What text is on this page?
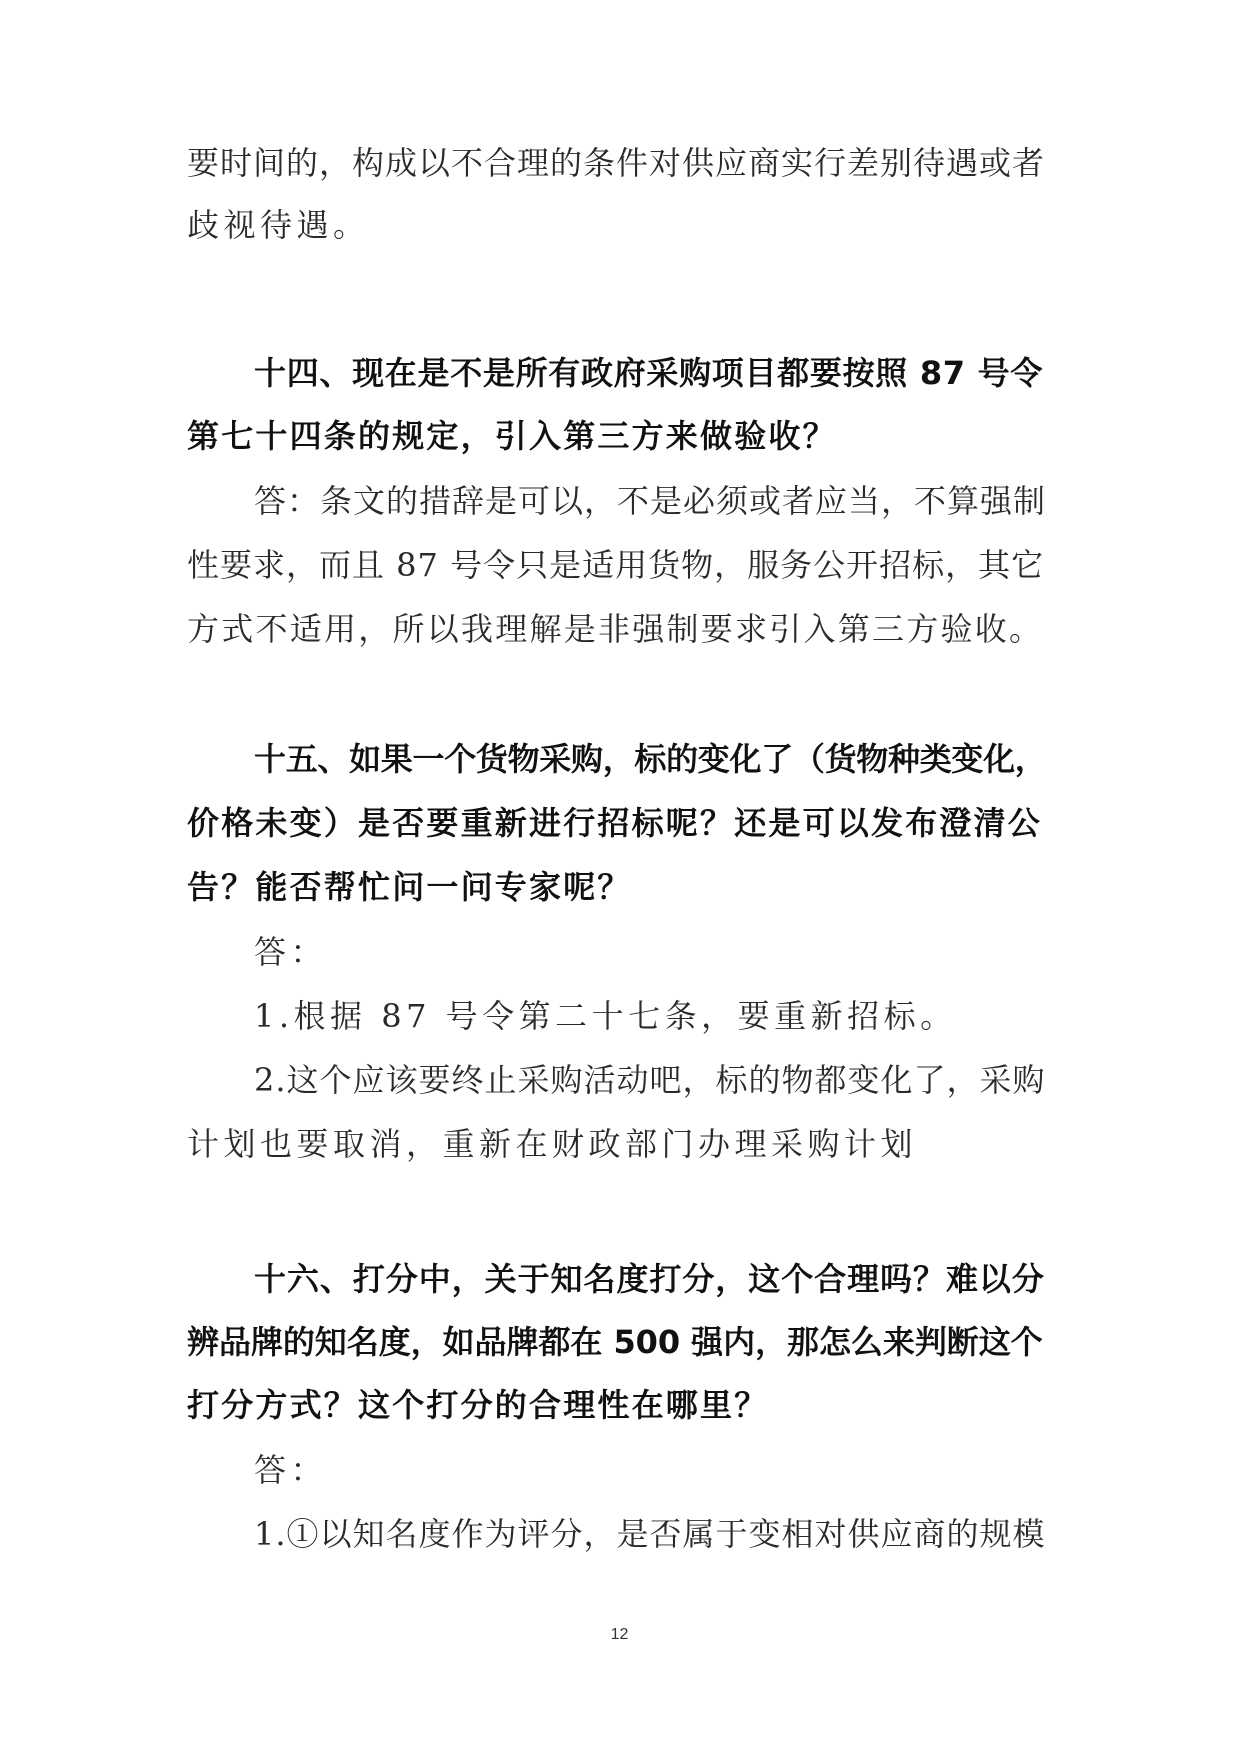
要时间的，构成以不合理的条件对供应商实行差别待遇或者
歧视待遇。
十四、现在是不是所有政府采购项目都要按照 87 号令
第七十四条的规定，引入第三方来做验收？
答：条文的措辞是可以，不是必须或者应当，不算强制
性要求，而且 87 号令只是适用货物，服务公开招标，其它
方式不适用，所以我理解是非强制要求引入第三方验收。
十五、如果一个货物采购，标的变化了（货物种类变化，
价格未变）是否要重新进行招标呢？还是可以发布澄清公
告？能否帮忙问一问专家呢？
答：
1.根据 87 号令第二十七条，要重新招标。
2.这个应该要终止采购活动吧，标的物都变化了，采购
计划也要取消，重新在财政部门办理采购计划
十六、打分中，关于知名度打分，这个合理吗？难以分
辨品牌的知名度，如品牌都在 500 强内，那怎么来判断这个
打分方式？这个打分的合理性在哪里？
答：
1.①以知名度作为评分，是否属于变相对供应商的规模
12
